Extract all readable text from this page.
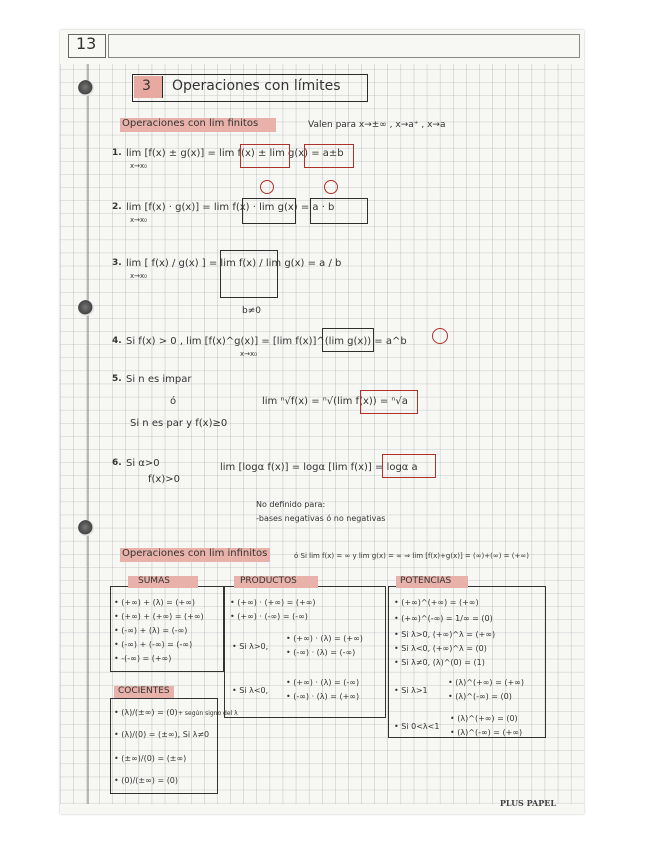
13
3 Operaciones con límites
Operaciones con lim finitos	Valen para x→±∞ , x→a⁺ , x→a
1. lim [f(x) ± g(x)] = lim f(x) ± lim g(x) = a±b
x→x₀
2. lim [f(x) · g(x)] = lim f(x) · lim g(x) = a · b
x→x₀
3. lim [ f(x) / g(x) ] = lim f(x) / lim g(x) = a / b
x→x₀
b≠0
4. Si f(x) > 0 , lim [f(x)^g(x)] = [lim f(x)]^(lim g(x)) = a^b
x→x₀
5. Si n es impar
ó
Si n es par y f(x)≥0
lim ⁿ√f(x) = ⁿ√(lim f(x)) = ⁿ√a
6. Si α>0
f(x)>0
lim [logα f(x)] = logα [lim f(x)] = logα a
No definido para:
-bases negativas ó no negativas
Operaciones con lim infinitos	ó Si lim f(x) = ∞ y lim g(x) = ∞ ⇒ lim [f(x)+g(x)] = (∞)+(∞) = (+∞)
SUMAS
• (+∞) + (λ) = (+∞)
• (+∞) + (+∞) = (+∞)
• (-∞) + (λ) = (-∞)
• (-∞) + (-∞) = (-∞)
• -(-∞) = (+∞)
PRODUCTOS
• (+∞) · (+∞) = (+∞)
• (+∞) · (-∞) = (-∞)
• Si λ>0,
• (+∞) · (λ) = (+∞)
• (-∞) · (λ) = (-∞)
• Si λ<0,
• (+∞) · (λ) = (-∞)
• (-∞) · (λ) = (+∞)
POTENCIAS
• (+∞)^(+∞) = (+∞)
• (+∞)^(-∞) = 1/∞ = (0)
• Si λ>0, (+∞)^λ = (+∞)
• Si λ<0, (+∞)^λ = (0)
• Si λ≠0, (λ)^(0) = (1)
• Si λ>1
• (λ)^(+∞) = (+∞)
• (λ)^(-∞) = (0)
• Si 0<λ<1
• (λ)^(+∞) = (0)
• (λ)^(-∞) = (+∞)
COCIENTES
• (λ)/(±∞) = (0)
• (λ)/(0) = (±∞), Si λ≠0
• (±∞)/(0) = (±∞)
• (0)/(±∞) = (0)
+ según signo del λ
PLUS PAPEL
